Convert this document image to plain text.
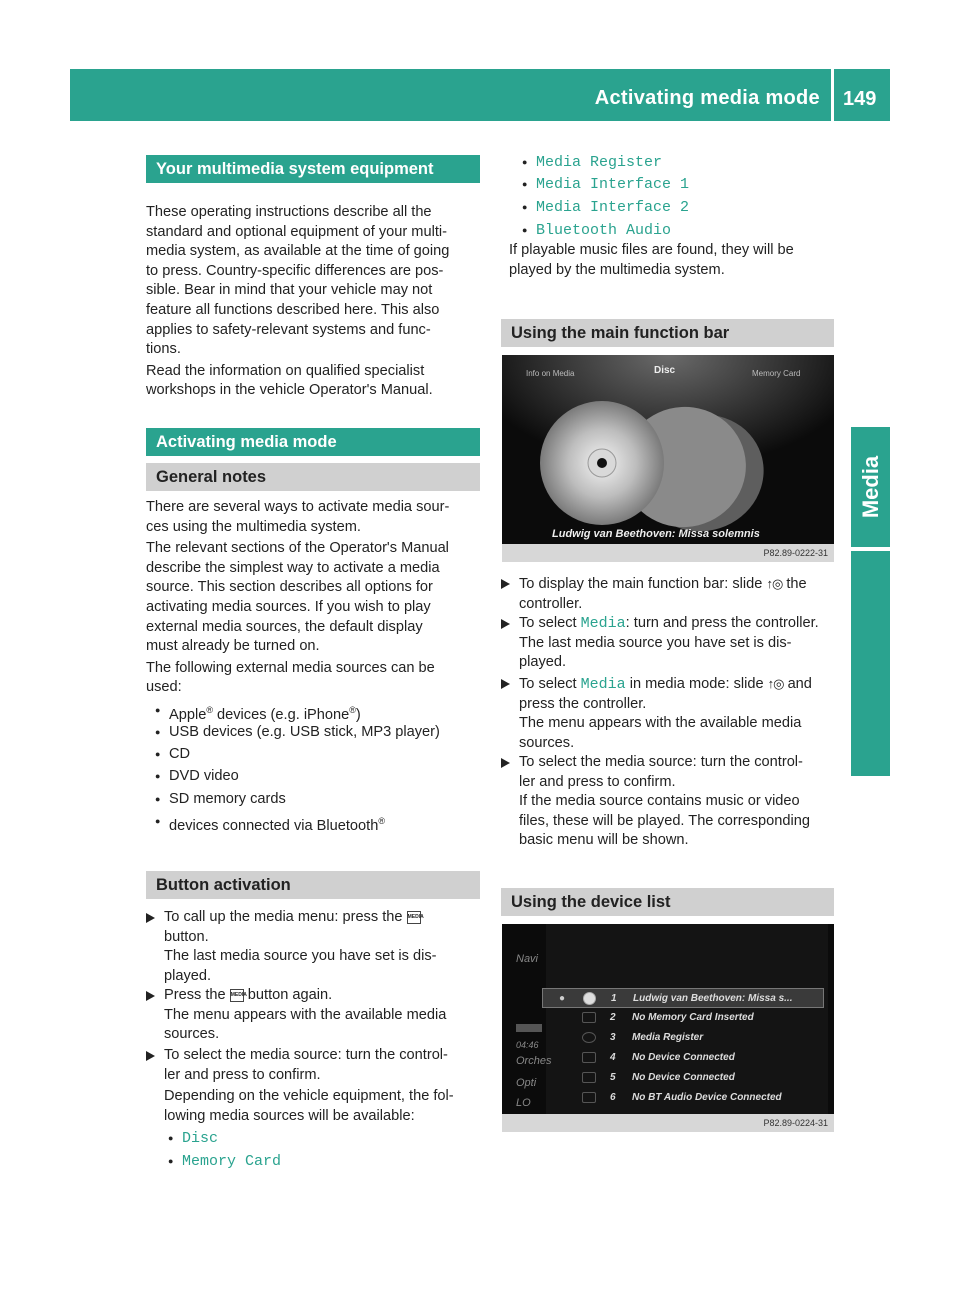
Activating media mode 149
Media
Your multimedia system equipment
These operating instructions describe all the
standard and optional equipment of your multi-
media system, as available at the time of going
to press. Country-specific differences are pos-
sible. Bear in mind that your vehicle may not
feature all functions described here. This also
applies to safety-relevant systems and func-
tions.
Read the information on qualified specialist
workshops in the vehicle Operator's Manual.
Activating media mode
General notes
There are several ways to activate media sour-
ces using the multimedia system.
The relevant sections of the Operator's Manual
describe the simplest way to activate a media
source. This section describes all options for
activating media sources. If you wish to play
external media sources, the default display
must already be turned on.
The following external media sources can be
used:
● Apple® devices (e.g. iPhone®)
● USB devices (e.g. USB stick, MP3 player)
● CD
● DVD video
● SD memory cards
● devices connected via Bluetooth®
Button activation
To call up the media menu: press the MEDIA
button.
The last media source you have set is dis-
played.
Press the MEDIA button again.
The menu appears with the available media
sources.
To select the media source: turn the control-
ler and press to confirm.
Depending on the vehicle equipment, the fol-
lowing media sources will be available:
● Disc
● Memory Card
● Media Register
● Media Interface 1
● Media Interface 2
● Bluetooth Audio
If playable music files are found, they will be
played by the multimedia system.
Using the main function bar
Info on Media	Disc	Memory Card
Ludwig van Beethoven: Missa solemnis
P82.89-0222-31
To display the main function bar: slide ↑◎ the
controller.
To select Media: turn and press the controller.
The last media source you have set is dis-
played.
To select Media in media mode: slide ↑◎ and
press the controller.
The menu appears with the available media
sources.
To select the media source: turn the control-
ler and press to confirm.
If the media source contains music or video
files, these will be played. The corresponding
basic menu will be shown.
Using the device list
Navi
04:46
Orches
Opti
LO
●	1 Ludwig van Beethoven: Missa s...
2 No Memory Card Inserted
3 Media Register
4 No Device Connected
5 No Device Connected
6 No BT Audio Device Connected
P82.89-0224-31
